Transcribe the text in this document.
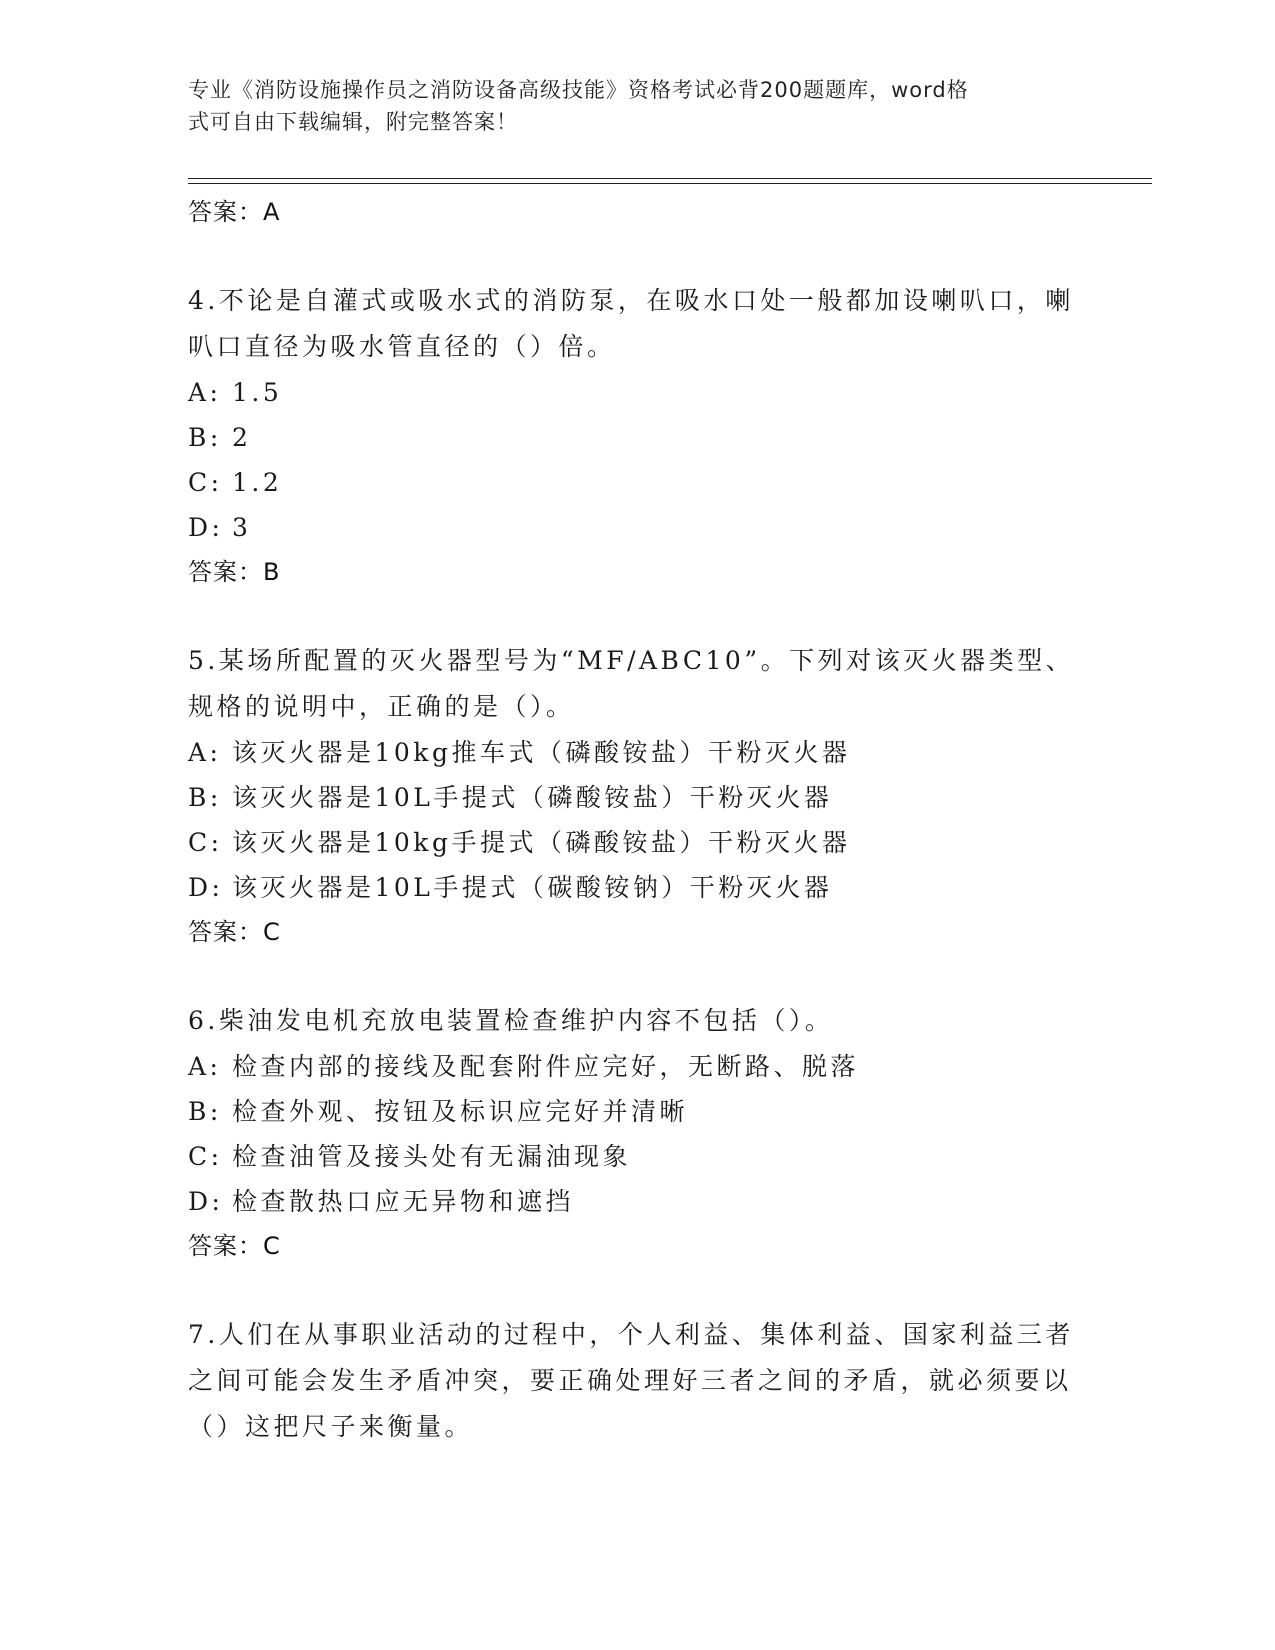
专业《消防设施操作员之消防设备高级技能》资格考试必背200题题库，word格
式可自由下载编辑，附完整答案！
答案：A
4.不论是自灌式或吸水式的消防泵，在吸水口处一般都加设喇叭口，喇叭口直径为吸水管直径的（）倍。
A: 1.5
B: 2
C: 1.2
D: 3
答案：B
5.某场所配置的灭火器型号为“MF/ABC10”。下列对该灭火器类型、规格的说明中，正确的是（）。
A: 该灭火器是10kg推车式（磷酸铵盐）干粉灭火器
B: 该灭火器是10L手提式（磷酸铵盐）干粉灭火器
C: 该灭火器是10kg手提式（磷酸铵盐）干粉灭火器
D: 该灭火器是10L手提式（碳酸铵钠）干粉灭火器
答案：C
6.柴油发电机充放电装置检查维护内容不包括（）。
A: 检查内部的接线及配套附件应完好，无断路、脱落
B: 检查外观、按钮及标识应完好并清晰
C: 检查油管及接头处有无漏油现象
D: 检查散热口应无异物和遮挡
答案：C
7.人们在从事职业活动的过程中，个人利益、集体利益、国家利益三者之间可能会发生矛盾冲突，要正确处理好三者之间的矛盾，就必须要以（）这把尺子来衡量。
